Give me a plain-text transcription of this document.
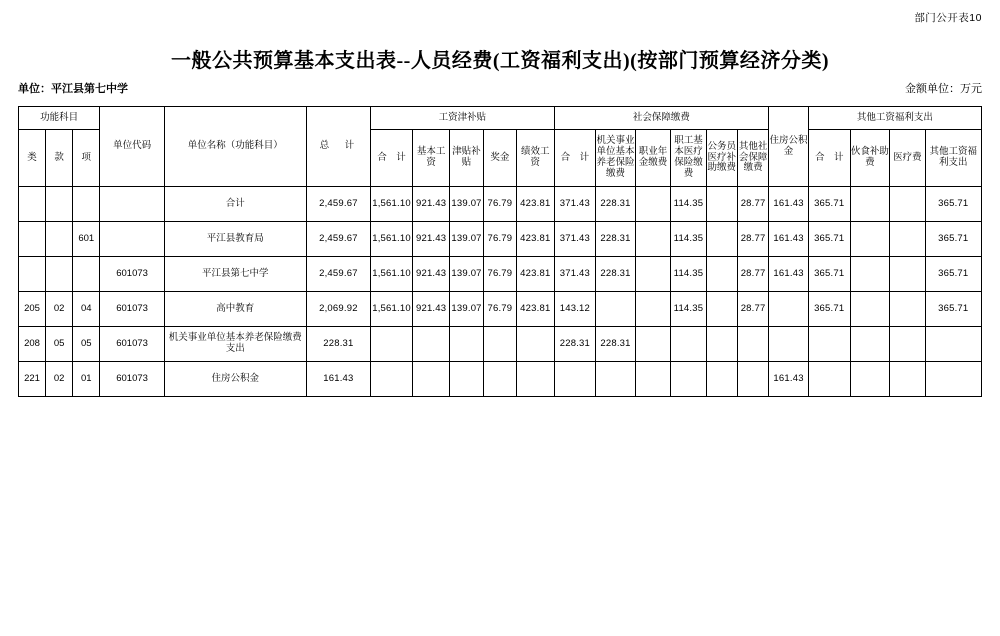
部门公开表10
一般公共预算基本支出表--人员经费(工资福利支出)(按部门预算经济分类)
单位：平江县第七中学	金额单位：万元
功能科目			单位代码	单位名称（功能科目）	总　计	工资津补贴					社会保障缴费						住房公积金	其他工资福利支出			
类	款	项				合　计	基本工资	津贴补贴	奖金	绩效工资	合　计	机关事业单位基本养老保险缴费	职业年金缴费	职工基本医疗保险缴费	公务员医疗补助缴费	其他社会保障缴费		合　计	伙食补助费	医疗费	其他工资福利支出
				合计	2,459.67	1,561.10	921.43	139.07	76.79	423.81	371.43	228.31		114.35		28.77	161.43	365.71			365.71
		601		平江县教育局	2,459.67	1,561.10	921.43	139.07	76.79	423.81	371.43	228.31		114.35		28.77	161.43	365.71			365.71
			601073	平江县第七中学	2,459.67	1,561.10	921.43	139.07	76.79	423.81	371.43	228.31		114.35		28.77	161.43	365.71			365.71
205	02	04	601073	高中教育	2,069.92	1,561.10	921.43	139.07	76.79	423.81	143.12			114.35		28.77		365.71			365.71
208	05	05	601073	机关事业单位基本养老保险缴费支出	228.31						228.31	228.31									
221	02	01	601073	住房公积金	161.43												161.43				
